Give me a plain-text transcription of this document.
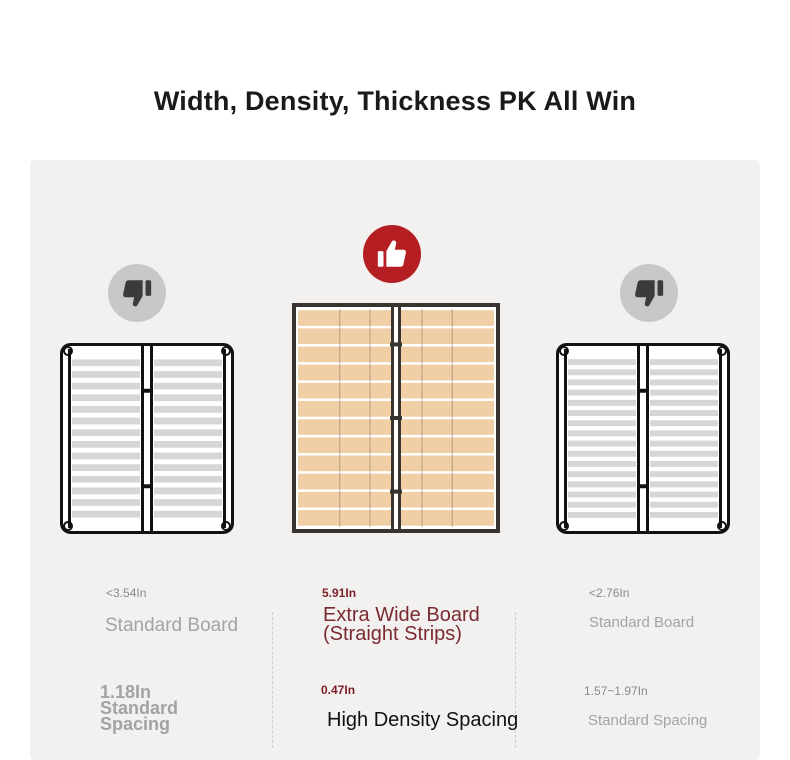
Width, Density, Thickness PK All Win
<3.54In
Standard Board
1.18In
Standard
Spacing
5.91In
Extra Wide Board
(Straight Strips)
0.47In
High Density Spacing
<2.76In
Standard Board
1.57~1.97In
Standard Spacing
